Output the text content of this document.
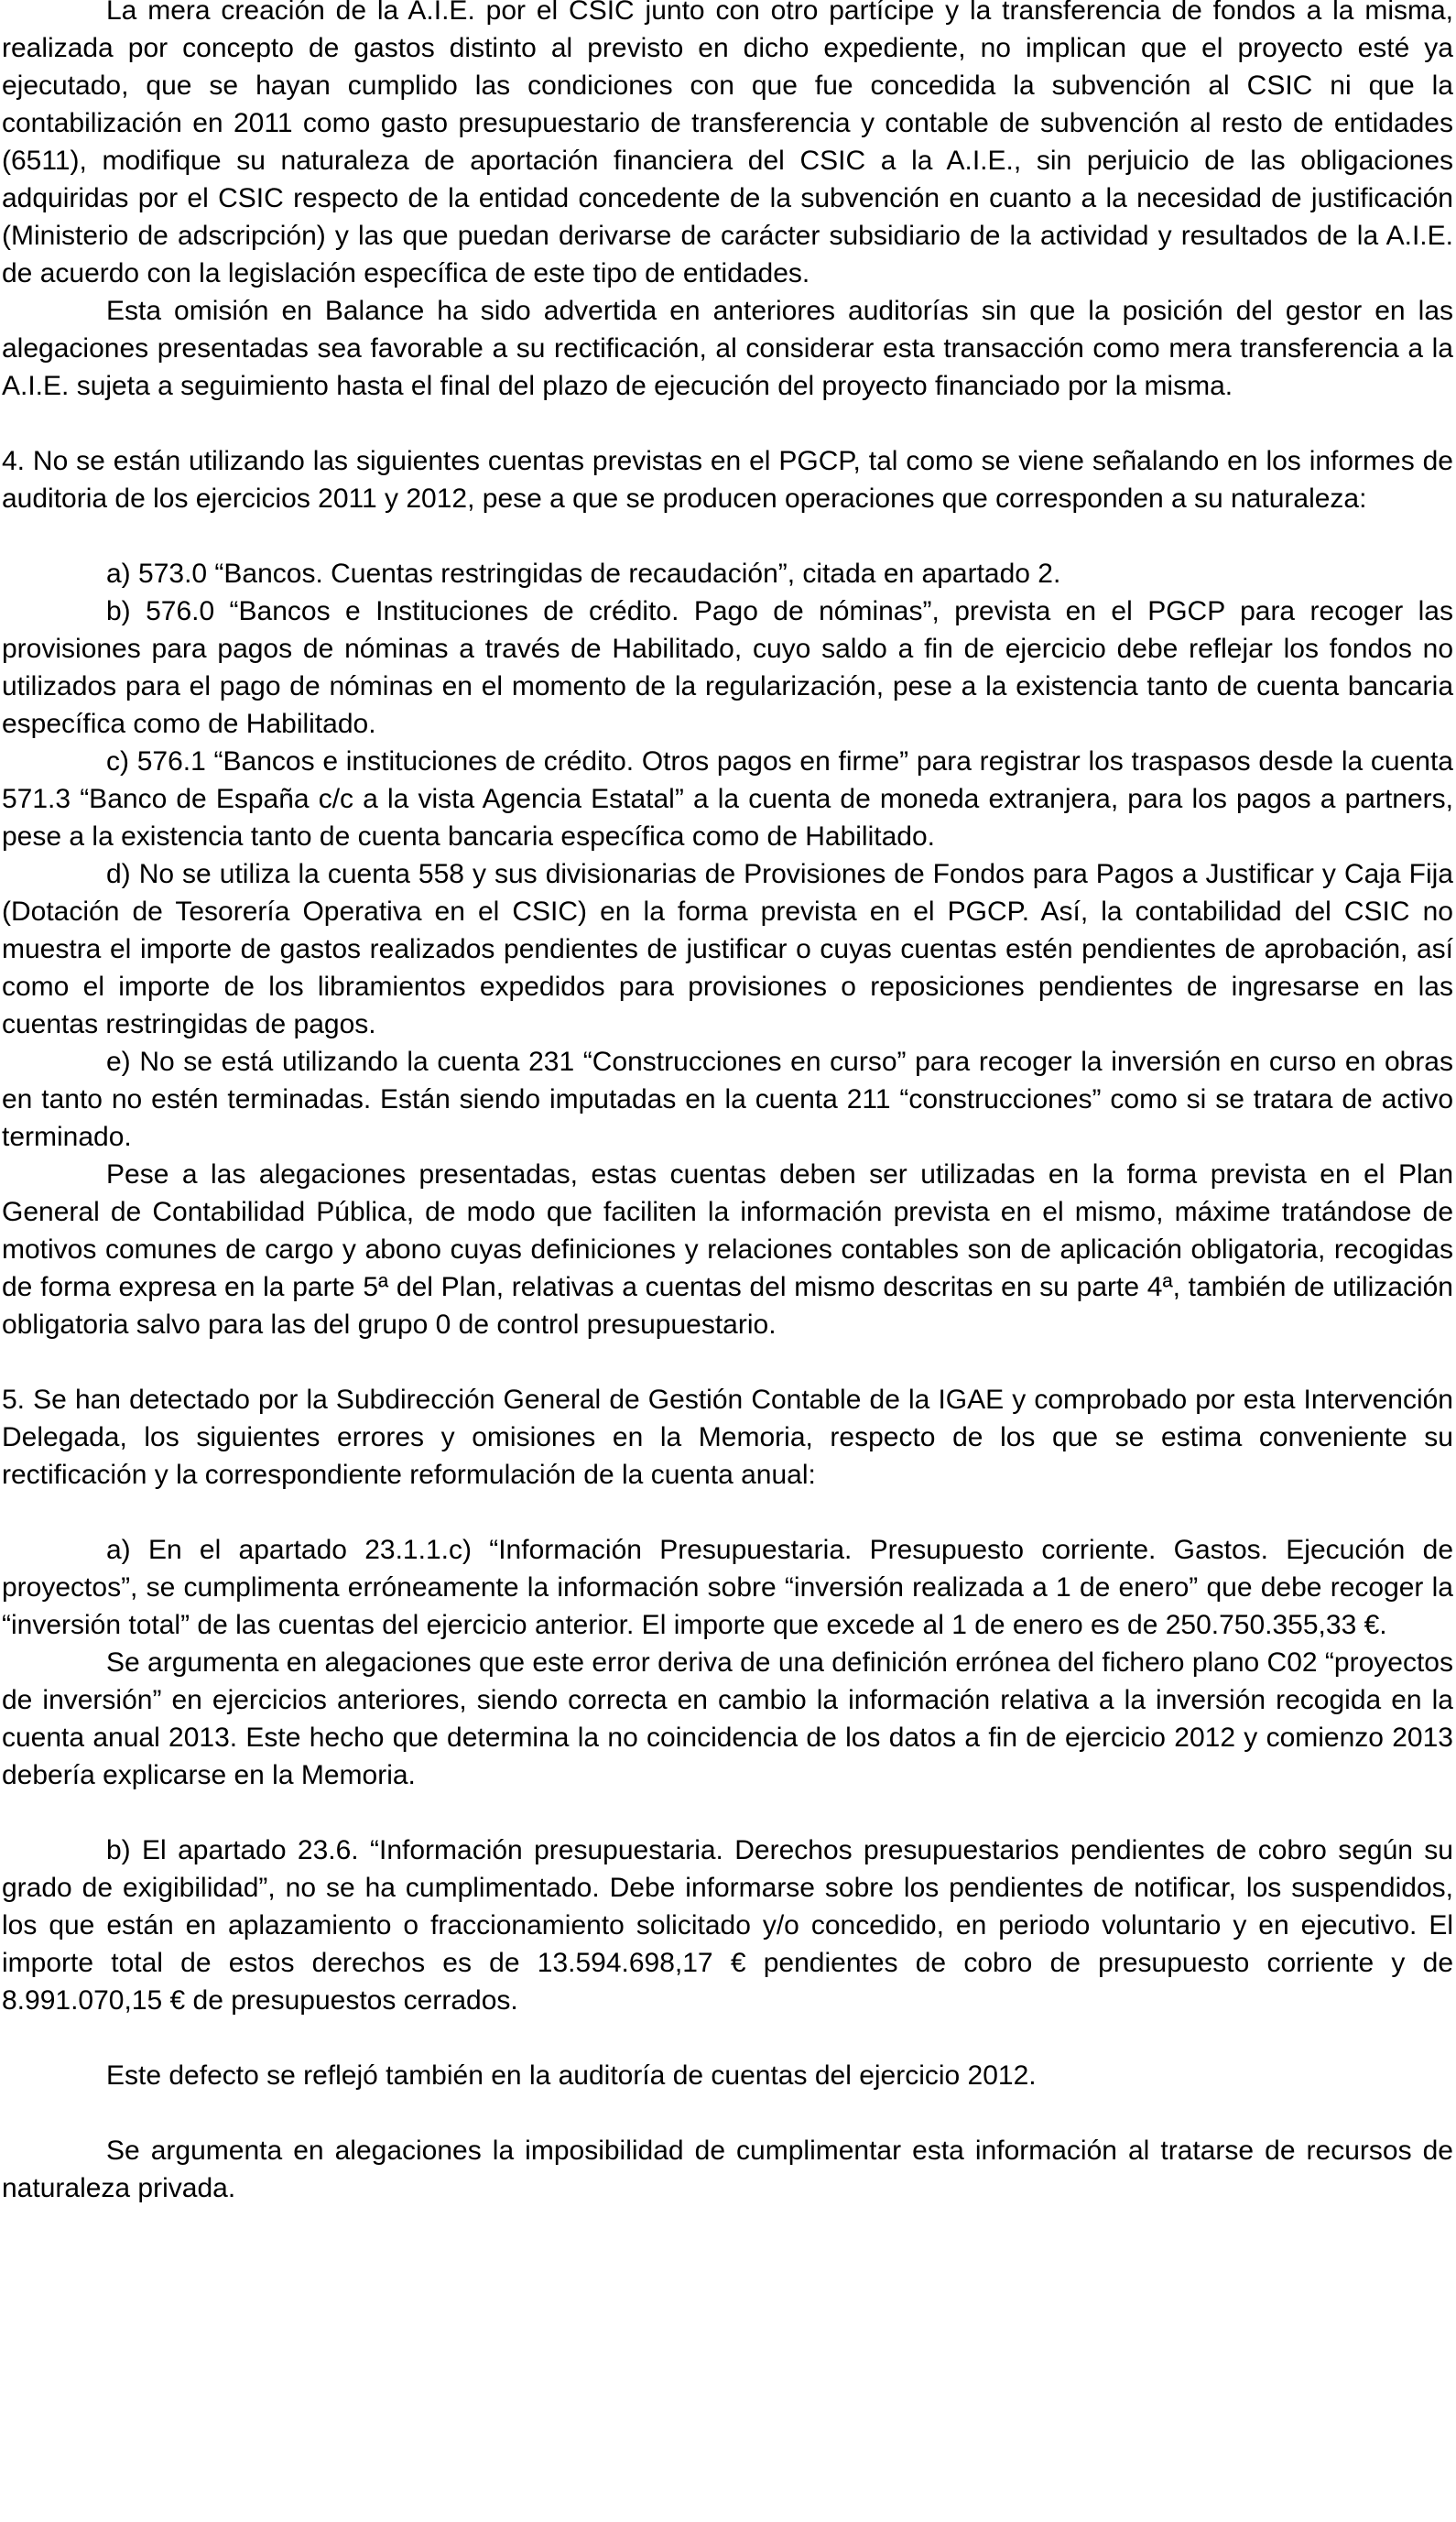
La mera creación de la A.I.E. por el CSIC junto con otro partícipe y la transferencia de fondos a la misma, realizada por concepto de gastos distinto al previsto en dicho expediente, no implican que el proyecto esté ya ejecutado, que se hayan cumplido las condiciones con que fue concedida la subvención al CSIC ni que la contabilización en 2011 como gasto presupuestario de transferencia y contable de subvención al resto de entidades (6511), modifique su naturaleza de aportación financiera del CSIC a la A.I.E., sin perjuicio de las obligaciones adquiridas por el CSIC respecto de la entidad concedente de la subvención en cuanto a la necesidad de justificación (Ministerio de adscripción) y las que puedan derivarse de carácter subsidiario de la actividad y resultados de la A.I.E. de acuerdo con la legislación específica de este tipo de entidades.

Esta omisión en Balance ha sido advertida en anteriores auditorías sin que la posición del gestor en las alegaciones presentadas sea favorable a su rectificación, al considerar esta transacción como mera transferencia a la A.I.E. sujeta a seguimiento hasta el final del plazo de ejecución del proyecto financiado por la misma.

4. No se están utilizando las siguientes cuentas previstas en el PGCP, tal como se viene señalando en los informes de auditoria de los ejercicios 2011 y 2012, pese a que se producen operaciones que corresponden a su naturaleza:

a) 573.0 “Bancos. Cuentas restringidas de recaudación”, citada en apartado 2.

b) 576.0 “Bancos e Instituciones de crédito. Pago de nóminas”, prevista en el PGCP para recoger las provisiones para pagos de nóminas a través de Habilitado, cuyo saldo a fin de ejercicio debe reflejar los fondos no utilizados para el pago de nóminas en el momento de la regularización, pese a la existencia tanto de cuenta bancaria específica como de Habilitado.

c) 576.1 “Bancos e instituciones de crédito. Otros pagos en firme” para registrar los traspasos desde la cuenta 571.3 “Banco de España c/c a la vista Agencia Estatal” a la cuenta de moneda extranjera, para los pagos a partners, pese a la existencia tanto de cuenta bancaria específica como de Habilitado.

d) No se utiliza la cuenta 558 y sus divisionarias de Provisiones de Fondos para Pagos a Justificar y Caja Fija (Dotación de Tesorería Operativa en el CSIC) en la forma prevista en el PGCP. Así, la contabilidad del CSIC no muestra el importe de gastos realizados pendientes de justificar o cuyas cuentas estén pendientes de aprobación, así como el importe de los libramientos expedidos para provisiones o reposiciones pendientes de ingresarse en las cuentas restringidas de pagos.

e) No se está utilizando la cuenta 231 “Construcciones en curso” para recoger la inversión en curso en obras en tanto no estén terminadas. Están siendo imputadas en la cuenta 211 “construcciones” como si se tratara de activo terminado.

Pese a las alegaciones presentadas, estas cuentas deben ser utilizadas en la forma prevista en el Plan General de Contabilidad Pública, de modo que faciliten la información prevista en el mismo, máxime tratándose de motivos comunes de cargo y abono cuyas definiciones y relaciones contables son de aplicación obligatoria, recogidas de forma expresa en la parte 5ª del Plan, relativas a cuentas del mismo descritas en su parte 4ª, también de utilización obligatoria salvo para las del grupo 0 de control presupuestario.

5. Se han detectado por la Subdirección General de Gestión Contable de la IGAE y comprobado por esta Intervención Delegada, los siguientes errores y omisiones en la Memoria, respecto de los que se estima conveniente su rectificación y la correspondiente reformulación de la cuenta anual:

a) En el apartado 23.1.1.c) “Información Presupuestaria. Presupuesto corriente. Gastos. Ejecución de proyectos”, se cumplimenta erróneamente la información sobre “inversión realizada a 1 de enero” que debe recoger la “inversión total” de las cuentas del ejercicio anterior. El importe que excede al 1 de enero es de 250.750.355,33 €.

Se argumenta en alegaciones que este error deriva de una definición errónea del fichero plano C02 “proyectos de inversión” en ejercicios anteriores, siendo correcta en cambio la información relativa a la inversión recogida en la cuenta anual 2013. Este hecho que determina la no coincidencia de los datos a fin de ejercicio 2012 y comienzo 2013 debería explicarse en la Memoria.

b) El apartado 23.6. “Información presupuestaria. Derechos presupuestarios pendientes de cobro según su grado de exigibilidad”, no se ha cumplimentado. Debe informarse sobre los pendientes de notificar, los suspendidos, los que están en aplazamiento o fraccionamiento solicitado y/o concedido, en periodo voluntario y en ejecutivo. El importe total de estos derechos es de 13.594.698,17 € pendientes de cobro de presupuesto corriente y de 8.991.070,15 € de presupuestos cerrados.

Este defecto se reflejó también en la auditoría de cuentas del ejercicio 2012.

Se argumenta en alegaciones la imposibilidad de cumplimentar esta información al tratarse de recursos de naturaleza privada.
